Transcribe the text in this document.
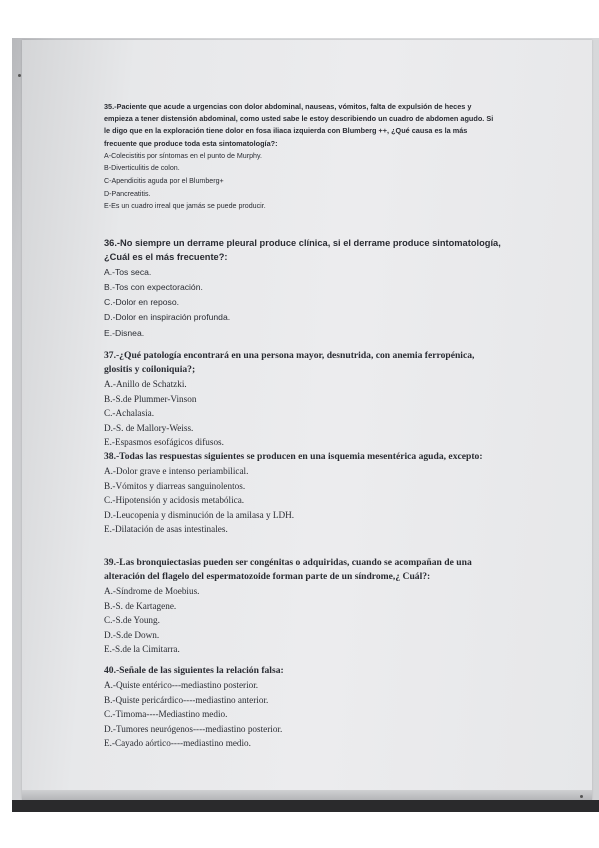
35.-Paciente que acude a urgencias con dolor abdominal, nauseas, vómitos, falta de expulsión de heces y empieza a tener distensión abdominal, como usted sabe le estoy describiendo un cuadro de abdomen agudo. Si le digo que en la exploración tiene dolor en fosa iliaca izquierda con Blumberg ++, ¿Qué causa es la más frecuente que produce toda esta sintomatología?:
A-Colecistitis por síntomas en el punto de Murphy.
B-Diverticulitis de colon.
C-Apendicitis aguda por el Blumberg+
D-Pancreatitis.
E-Es un cuadro irreal que jamás se puede producir.
36.-No siempre un derrame pleural produce clínica, si el derrame produce sintomatología, ¿Cuál es el más frecuente?:
A.-Tos seca.
B.-Tos con expectoración.
C.-Dolor en reposo.
D.-Dolor en inspiración profunda.
E.-Disnea.
37.-¿Qué patología encontrará en una persona mayor, desnutrida, con anemia ferropénica, glositis y coiloniquia?;
A.-Anillo de Schatzki.
B.-S.de Plummer-Vinson
C.-Achalasia.
D.-S. de Mallory-Weiss.
E.-Espasmos esofágicos difusos.
38.-Todas las respuestas siguientes se producen en una isquemia mesentérica aguda, excepto:
A.-Dolor grave e intenso periambilical.
B.-Vómitos y diarreas sanguinolentos.
C.-Hipotensión y acidosis metabólica.
D.-Leucopenia y disminución de la amilasa y LDH.
E.-Dilatación de asas intestinales.
39.-Las bronquiectasias pueden ser congénitas o adquiridas, cuando se acompañan de una alteración del flagelo del espermatozoide forman parte de un síndrome,¿ Cuál?:
A.-Síndrome de Moebius.
B.-S. de Kartagene.
C.-S.de Young.
D.-S.de Down.
E.-S.de la Cimitarra.
40.-Señale de las siguientes la relación falsa:
A.-Quiste entérico---mediastino posterior.
B.-Quiste pericárdico----mediastino anterior.
C.-Timoma----Mediastino medio.
D.-Tumores neurógenos----mediastino posterior.
E.-Cayado aórtico----mediastino medio.
